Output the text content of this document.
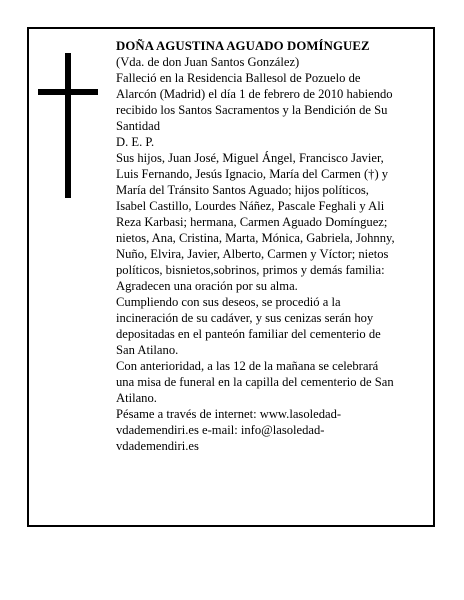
DOÑA AGUSTINA AGUADO DOMÍNGUEZ

(Vda. de don Juan Santos González)

Falleció en la Residencia Ballesol de Pozuelo de
Alarcón (Madrid) el día 1 de febrero de 2010 habiendo
recibido los Santos Sacramentos y la Bendición de Su
Santidad

D. E. P.

Sus hijos, Juan José, Miguel Ángel, Francisco Javier,
Luis Fernando, Jesús Ignacio, María del Carmen (†) y
María del Tránsito Santos Aguado; hijos políticos,
Isabel Castillo, Lourdes Náñez, Pascale Feghali y Ali
Reza Karbasi; hermana, Carmen Aguado Domínguez;
nietos, Ana, Cristina, Marta, Mónica, Gabriela, Johnny,
Nuño, Elvira, Javier, Alberto, Carmen y Víctor; nietos
políticos, bisnietos,sobrinos, primos y demás familia:

Agradecen una oración por su alma.

Cumpliendo con sus deseos, se procedió a la
incineración de su cadáver, y sus cenizas serán hoy
depositadas en el panteón familiar del cementerio de
San Atilano.

Con anterioridad, a las 12 de la mañana se celebrará
una misa de funeral en la capilla del cementerio de San
Atilano.

Pésame a través de internet: www.lasoledad-
vdademendiri.es e-mail: info@lasoledad-
vdademendiri.es
